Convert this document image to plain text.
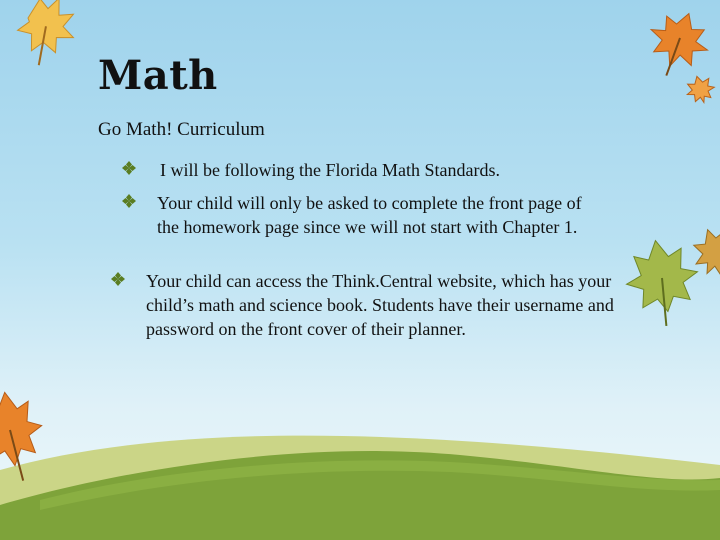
Math

Go Math! Curriculum

I will be following the Florida Math Standards.
Your child will only be asked to complete the front page of the homework page since we will not start with Chapter 1.
Your child can access the Think.Central website, which has your child’s math and science book. Students have their username and password on the front cover of their planner.
